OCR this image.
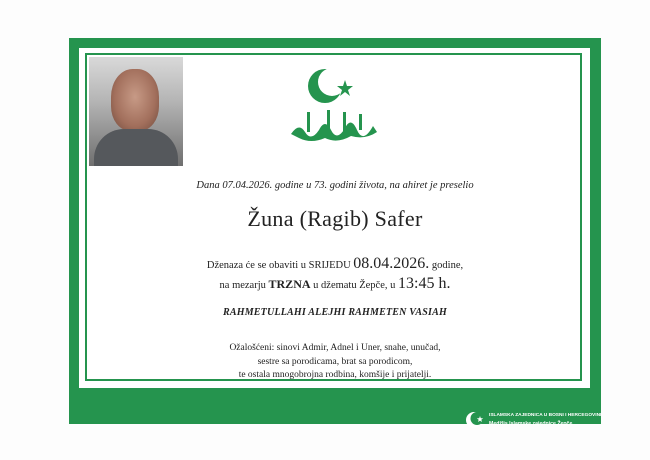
Dana 07.04.2026. godine u 73. godini života, na ahiret je preselio
Žuna (Ragib) Safer
Dženaza će se obaviti u SRIJEDU 08.04.2026. godine,
na mezarju TRZNA u džematu Žepče, u 13:45 h.
RAHMETULLAHI ALEJHI RAHMETEN VASIAH
Ožalošćeni: sinovi Admir, Adnel i Uner, snahe, unučad,
sestre sa porodicama, brat sa porodicom,
te ostala mnogobrojna rodbina, komšije i prijatelji.
ISLAMSKA ZAJEDNICA U BOSNI I HERCEGOVINI
Medžlis Islamske zajednice Žepče
